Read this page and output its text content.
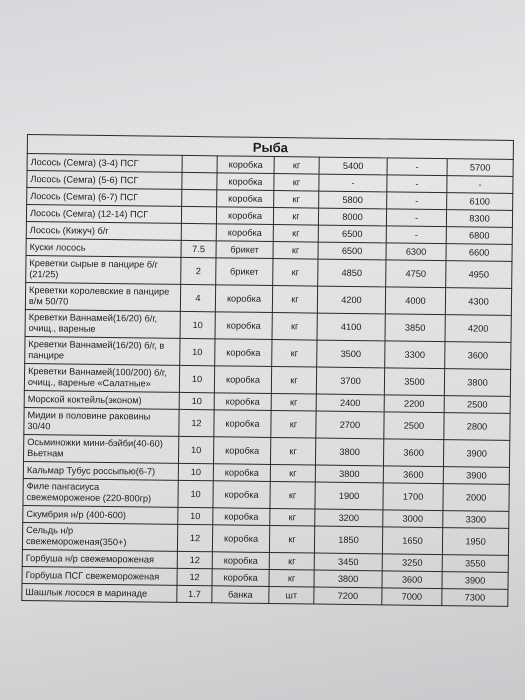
Рыба						
Лосось (Семга) (3-4) ПСГ		коробка	кг	5400	-	5700
Лосось (Семга) (5-6) ПСГ		коробка	кг	-	-	-
Лосось (Семга) (6-7) ПСГ		коробка	кг	5800	-	6100
Лосось (Семга) (12-14) ПСГ		коробка	кг	8000	-	8300
Лосось (Кижуч) б/г		коробка	кг	6500	-	6800
Куски лосось	7.5	брикет	кг	6500	6300	6600
Креветки сырые в панцире б/г (21/25)	2	брикет	кг	4850	4750	4950
Креветки королевские в панцире в/м 50/70	4	коробка	кг	4200	4000	4300
Креветки Ваннамей(16/20) б/г, очищ., вареные	10	коробка	кг	4100	3850	4200
Креветки Ваннамей(16/20) б/г, в панцире	10	коробка	кг	3500	3300	3600
Креветки Ваннамей(100/200) б/г, очищ., вареные «Салатные»	10	коробка	кг	3700	3500	3800
Морской коктейль(эконом)	10	коробка	кг	2400	2200	2500
Мидии в половине раковины 30/40	12	коробка	кг	2700	2500	2800
Осьминожки мини-бэйби(40-60) Вьетнам	10	коробка	кг	3800	3600	3900
Кальмар Тубус россыпью(6-7)	10	коробка	кг	3800	3600	3900
Филе пангасиуса свежемороженое (220-800гр)	10	коробка	кг	1900	1700	2000
Скумбрия н/р (400-600)	10	коробка	кг	3200	3000	3300
Сельдь н/р свежемороженая(350+)	12	коробка	кг	1850	1650	1950
Горбуша н/р свежемороженая	12	коробка	кг	3450	3250	3550
Горбуша ПСГ свежемороженая	12	коробка	кг	3800	3600	3900
Шашлык лосося в маринаде	1.7	банка	шт	7200	7000	7300
